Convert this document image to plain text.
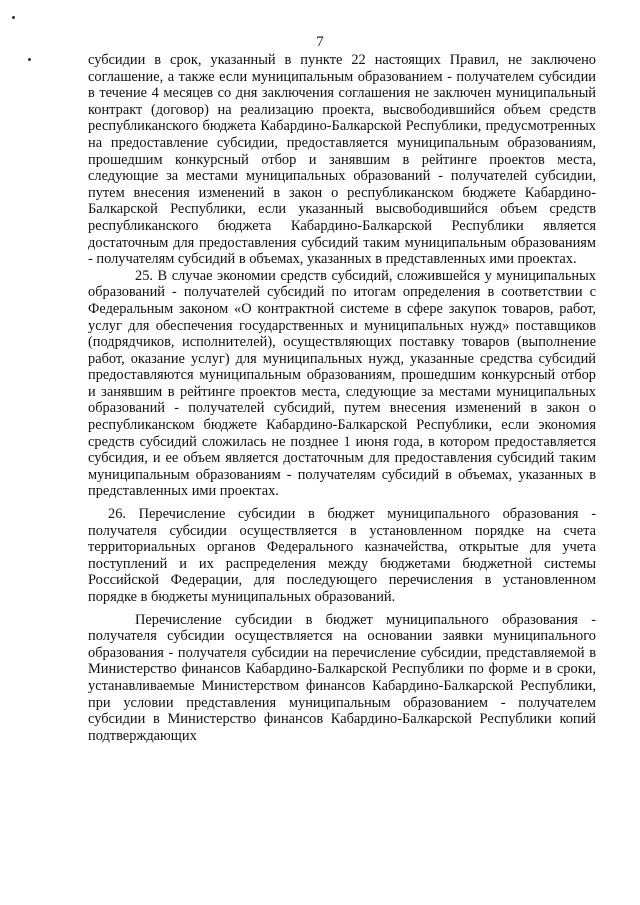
7

субсидии в срок, указанный в пункте 22 настоящих Правил, не заключено соглашение, а также если муниципальным образованием - получателем субсидии в течение 4 месяцев со дня заключения соглашения не заключен муниципальный контракт (договор) на реализацию проекта, высвободившийся объем средств республиканского бюджета Кабардино-Балкарской Республики, предусмотренных на предоставление субсидии, предоставляется муниципальным образованиям, прошедшим конкурсный отбор и занявшим в рейтинге проектов места, следующие за местами муниципальных образований - получателей субсидии, путем внесения изменений в закон о республиканском бюджете Кабардино-Балкарской Республики, если указанный высвободившийся объем средств республиканского бюджета Кабардино-Балкарской Республики является достаточным для предоставления субсидий таким муниципальным образованиям - получателям субсидий в объемах, указанных в представленных ими проектах.

25. В случае экономии средств субсидий, сложившейся у муниципальных образований - получателей субсидий по итогам определения в соответствии с Федеральным законом «О контрактной системе в сфере закупок товаров, работ, услуг для обеспечения государственных и муниципальных нужд» поставщиков (подрядчиков, исполнителей), осуществляющих поставку товаров (выполнение работ, оказание услуг) для муниципальных нужд, указанные средства субсидий предоставляются муниципальным образованиям, прошедшим конкурсный отбор и занявшим в рейтинге проектов места, следующие за местами муниципальных образований - получателей субсидий, путем внесения изменений в закон о республиканском бюджете Кабардино-Балкарской Республики, если экономия средств субсидий сложилась не позднее 1 июня года, в котором предоставляется субсидия, и ее объем является достаточным для предоставления субсидий таким муниципальным образованиям - получателям субсидий в объемах, указанных в представленных ими проектах.

26. Перечисление субсидии в бюджет муниципального образования - получателя субсидии осуществляется в установленном порядке на счета территориальных органов Федерального казначейства, открытые для учета поступлений и их распределения между бюджетами бюджетной системы Российской Федерации, для последующего перечисления в установленном порядке в бюджеты муниципальных образований.

Перечисление субсидии в бюджет муниципального образования - получателя субсидии осуществляется на основании заявки муниципального образования - получателя субсидии на перечисление субсидии, представляемой в Министерство финансов Кабардино-Балкарской Республики по форме и в сроки, устанавливаемые Министерством финансов Кабардино-Балкарской Республики, при условии представления муниципальным образованием - получателем субсидии в Министерство финансов Кабардино-Балкарской Республики копий подтверждающих
